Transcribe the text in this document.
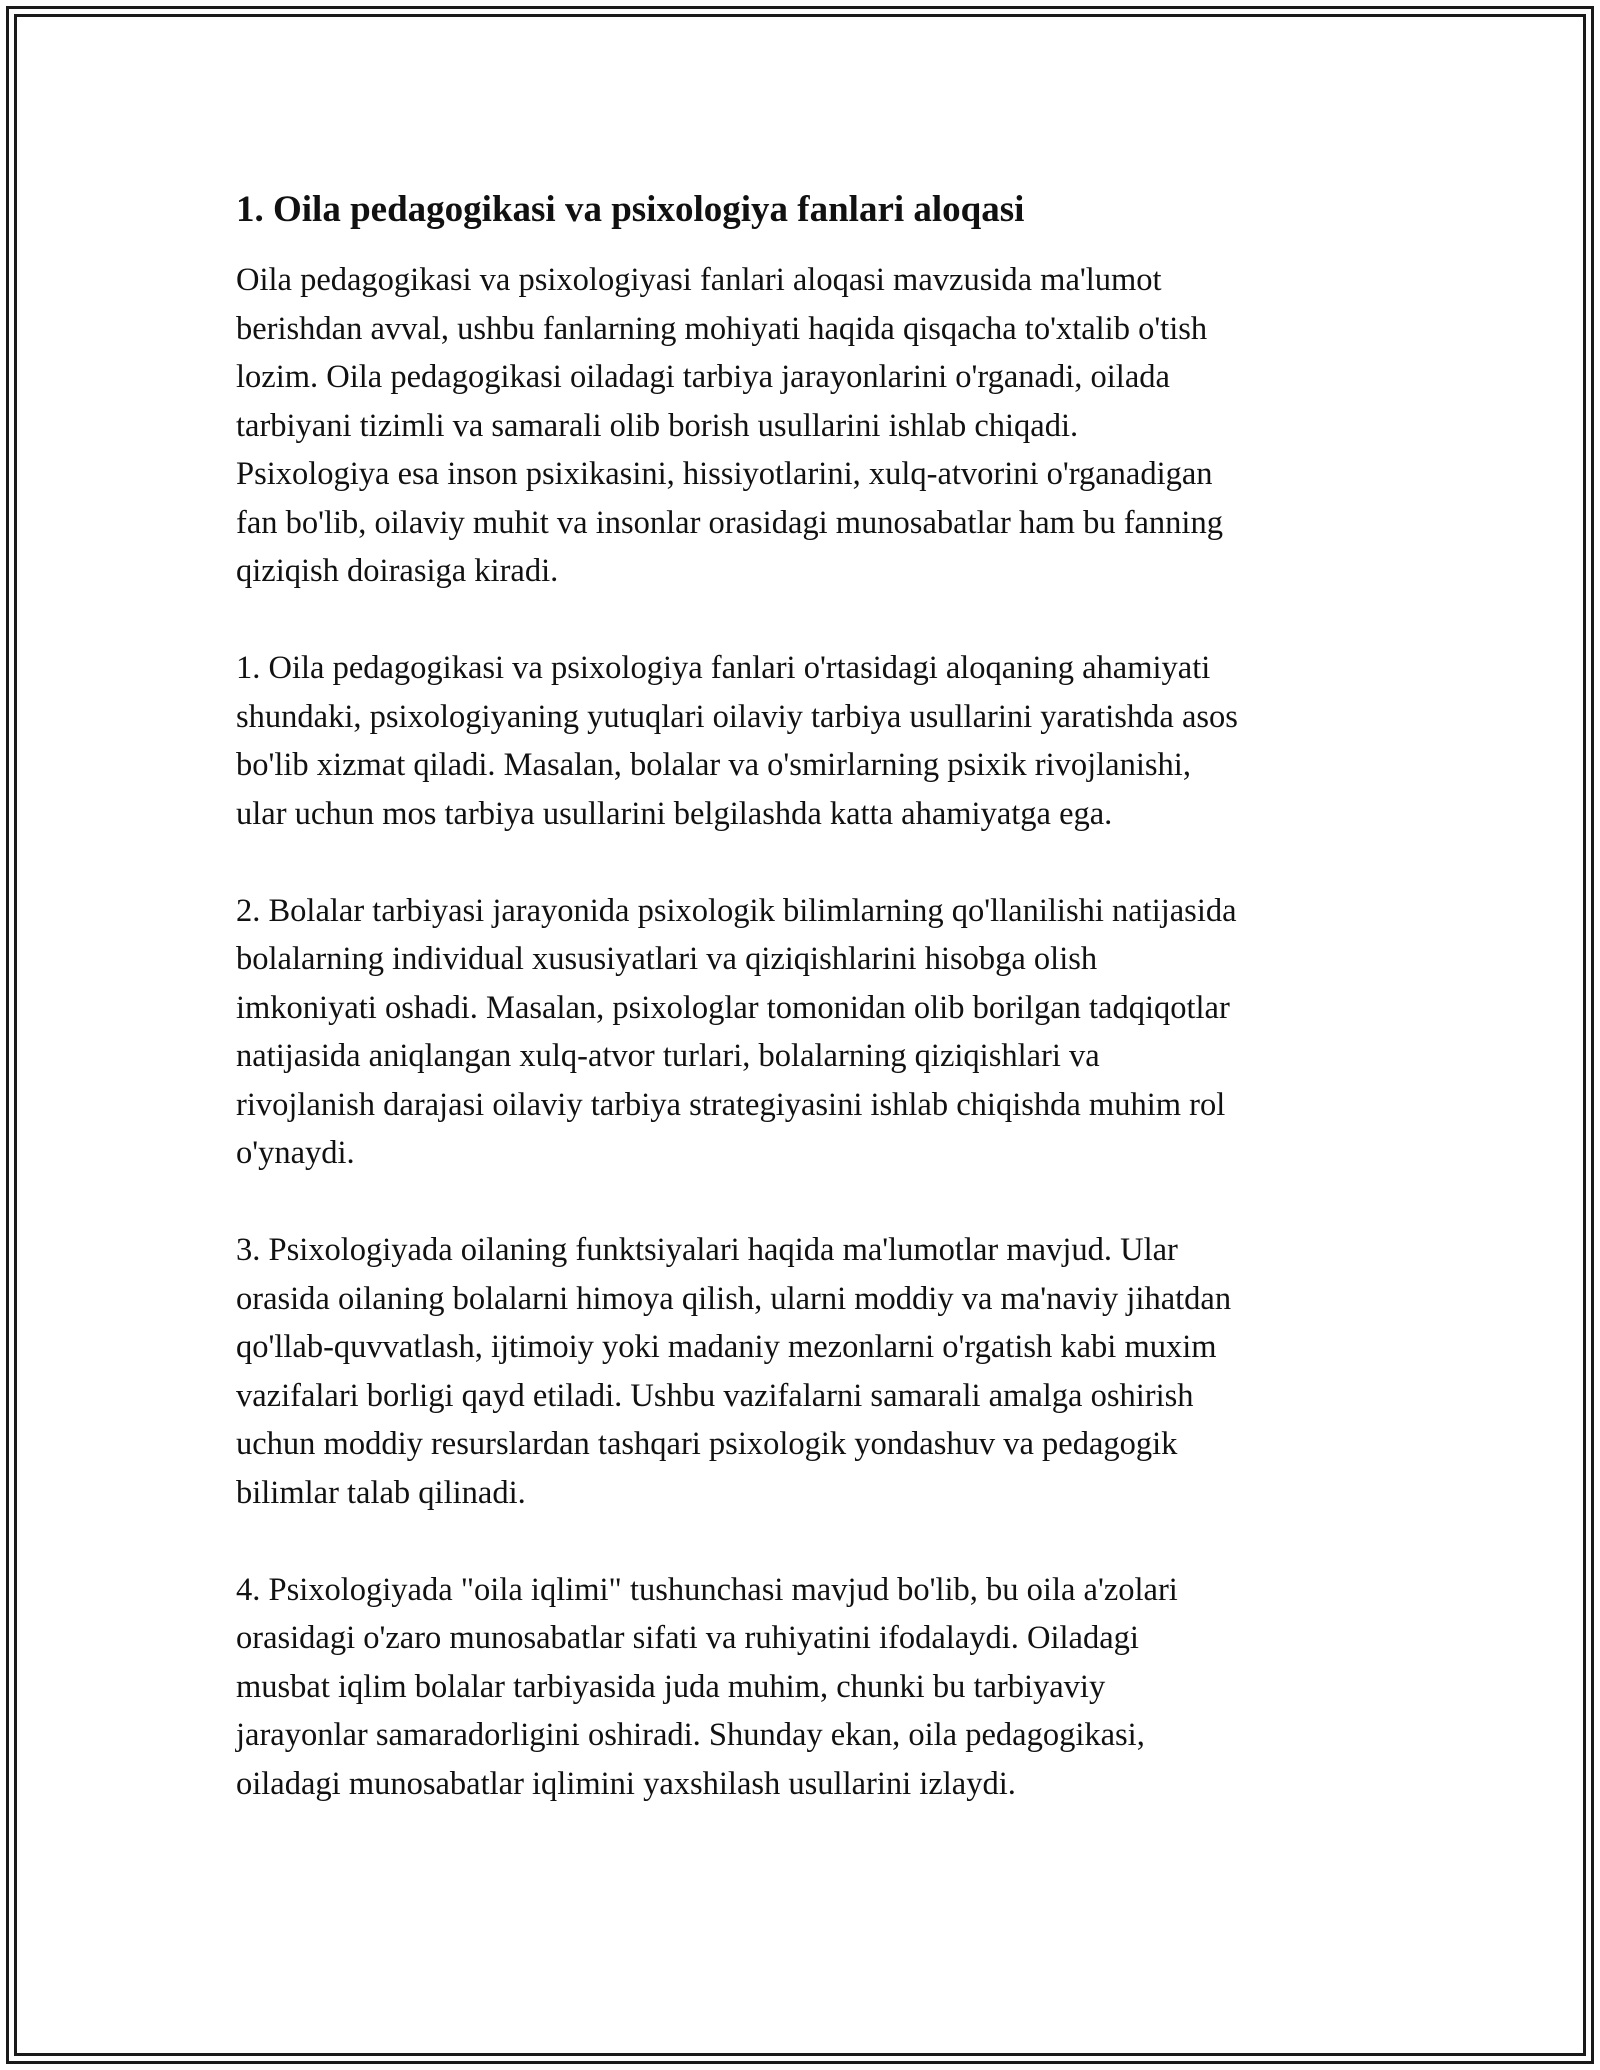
1. Oila pedagogikasi va psixologiya fanlari aloqasi

Oila pedagogikasi va psixologiyasi fanlari aloqasi mavzusida ma'lumot
berishdan avval, ushbu fanlarning mohiyati haqida qisqacha to'xtalib o'tish
lozim. Oila pedagogikasi oiladagi tarbiya jarayonlarini o'rganadi, oilada
tarbiyani tizimli va samarali olib borish usullarini ishlab chiqadi.
Psixologiya esa inson psixikasini, hissiyotlarini, xulq-atvorini o'rganadigan
fan bo'lib, oilaviy muhit va insonlar orasidagi munosabatlar ham bu fanning
qiziqish doirasiga kiradi.

1. Oila pedagogikasi va psixologiya fanlari o'rtasidagi aloqaning ahamiyati
shundaki, psixologiyaning yutuqlari oilaviy tarbiya usullarini yaratishda asos
bo'lib xizmat qiladi. Masalan, bolalar va o'smirlarning psixik rivojlanishi,
ular uchun mos tarbiya usullarini belgilashda katta ahamiyatga ega.

2. Bolalar tarbiyasi jarayonida psixologik bilimlarning qo'llanilishi natijasida
bolalarning individual xususiyatlari va qiziqishlarini hisobga olish
imkoniyati oshadi. Masalan, psixologlar tomonidan olib borilgan tadqiqotlar
natijasida aniqlangan xulq-atvor turlari, bolalarning qiziqishlari va
rivojlanish darajasi oilaviy tarbiya strategiyasini ishlab chiqishda muhim rol
o'ynaydi.

3. Psixologiyada oilaning funktsiyalari haqida ma'lumotlar mavjud. Ular
orasida oilaning bolalarni himoya qilish, ularni moddiy va ma'naviy jihatdan
qo'llab-quvvatlash, ijtimoiy yoki madaniy mezonlarni o'rgatish kabi muxim
vazifalari borligi qayd etiladi. Ushbu vazifalarni samarali amalga oshirish
uchun moddiy resurslardan tashqari psixologik yondashuv va pedagogik
bilimlar talab qilinadi.

4. Psixologiyada "oila iqlimi" tushunchasi mavjud bo'lib, bu oila a'zolari
orasidagi o'zaro munosabatlar sifati va ruhiyatini ifodalaydi. Oiladagi
musbat iqlim bolalar tarbiyasida juda muhim, chunki bu tarbiyaviy
jarayonlar samaradorligini oshiradi. Shunday ekan, oila pedagogikasi,
oiladagi munosabatlar iqlimini yaxshilash usullarini izlaydi.
